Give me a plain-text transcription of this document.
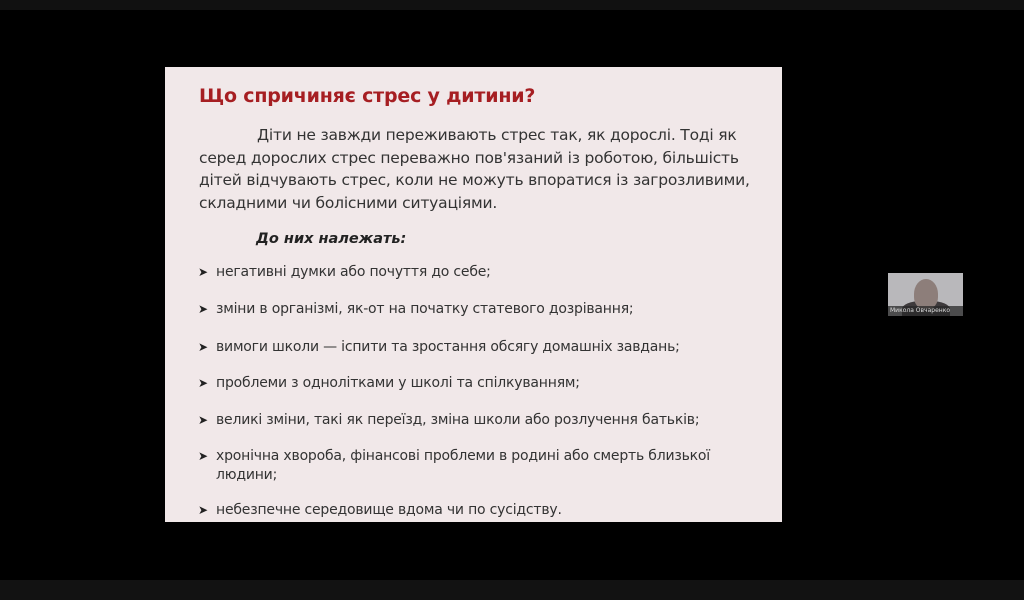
Що спричиняє стрес у дитини?
Діти не завжди переживають стрес так, як дорослі. Тоді як серед дорослих стрес переважно пов'язаний із роботою, більшість дітей відчувають стрес, коли не можуть впоратися із загрозливими, складними чи болісними ситуаціями.
До них належать:
➤ негативні думки або почуття до себе;
➤ зміни в організмі, як-от на початку статевого дозрівання;
➤ вимоги школи — іспити та зростання обсягу домашніх завдань;
➤ проблеми з однолітками у школі та спілкуванням;
➤ великі зміни, такі як переїзд, зміна школи або розлучення батьків;
➤ хронічна хвороба, фінансові проблеми в родині або смерть близької людини;
➤ небезпечне середовище вдома чи по сусідству.
Микола Овчаренко
